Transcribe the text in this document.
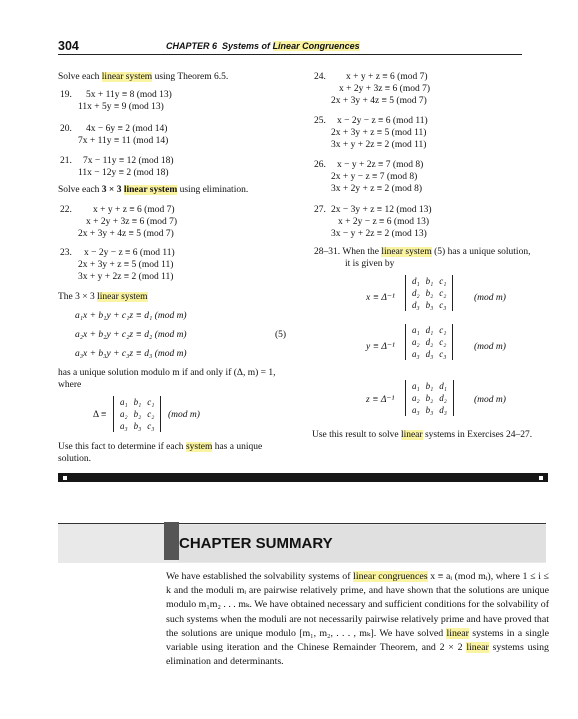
304	CHAPTER 6 Systems of Linear Congruences
Solve each linear system using Theorem 6.5.
19. 5x + 11y ≡ 8 (mod 13)
11x + 5y ≡ 9 (mod 13)
20. 4x − 6y ≡ 2 (mod 14)
7x + 11y ≡ 11 (mod 14)
21. 7x − 11y ≡ 12 (mod 18)
11x − 12y ≡ 2 (mod 18)
Solve each 3 × 3 linear system using elimination.
22. x + y + z ≡ 6 (mod 7)
x + 2y + 3z ≡ 6 (mod 7)
2x + 3y + 4z ≡ 5 (mod 7)
23. x − 2y − z ≡ 6 (mod 11)
2x + 3y + z ≡ 5 (mod 11)
3x + y + 2z ≡ 2 (mod 11)
The 3 × 3 linear system
a₁x + b₁y + c₁z ≡ d₁ (mod m)
a₂x + b₂y + c₂z ≡ d₂ (mod m)	(5)
a₃x + b₃y + c₃z ≡ d₃ (mod m)
has a unique solution modulo m if and only if (Δ, m) = 1,
where
Δ ≡
a₁ b₁ c₁
a₂ b₂ c₂
a₃ b₃ c₃
(mod m)
Use this fact to determine if each system has a unique
solution.
24. x + y + z ≡ 6 (mod 7)
x + 2y + 3z ≡ 6 (mod 7)
2x + 3y + 4z ≡ 5 (mod 7)
25. x − 2y − z ≡ 6 (mod 11)
2x + 3y + z ≡ 5 (mod 11)
3x + y + 2z ≡ 2 (mod 11)
26. x − y + 2z ≡ 7 (mod 8)
2x + y − z ≡ 7 (mod 8)
3x + 2y + z ≡ 2 (mod 8)
27. 2x − 3y + z ≡ 12 (mod 13)
x + 2y − z ≡ 6 (mod 13)
3x − y + 2z ≡ 2 (mod 13)
28–31. When the linear system (5) has a unique solution,
it is given by
x ≡ Δ⁻¹
d₁ b₁ c₁
d₂ b₂ c₂
d₃ b₃ c₃
(mod m)
y ≡ Δ⁻¹
a₁ d₁ c₁
a₂ d₂ c₂
a₃ d₃ c₃
(mod m)
z ≡ Δ⁻¹
a₁ b₁ d₁
a₂ b₂ d₂
a₃ b₃ d₃
(mod m)
Use this result to solve linear systems in Exercises 24–27.
CHAPTER SUMMARY
We have established the solvability systems of linear congruences x ≡ aᵢ (mod mᵢ), where 1 ≤ i ≤ k and the moduli mᵢ are pairwise relatively prime, and have shown that the solutions are unique modulo m₁m₂ . . . mₖ. We have obtained necessary and sufficient conditions for the solvability of such systems when the moduli are not necessarily pairwise relatively prime and have proved that the solutions are unique modulo [m₁, m₂, . . . , mₖ]. We have solved linear systems in a single variable using iteration and the Chinese Remainder Theorem, and 2 × 2 linear systems using elimination and determinants.
